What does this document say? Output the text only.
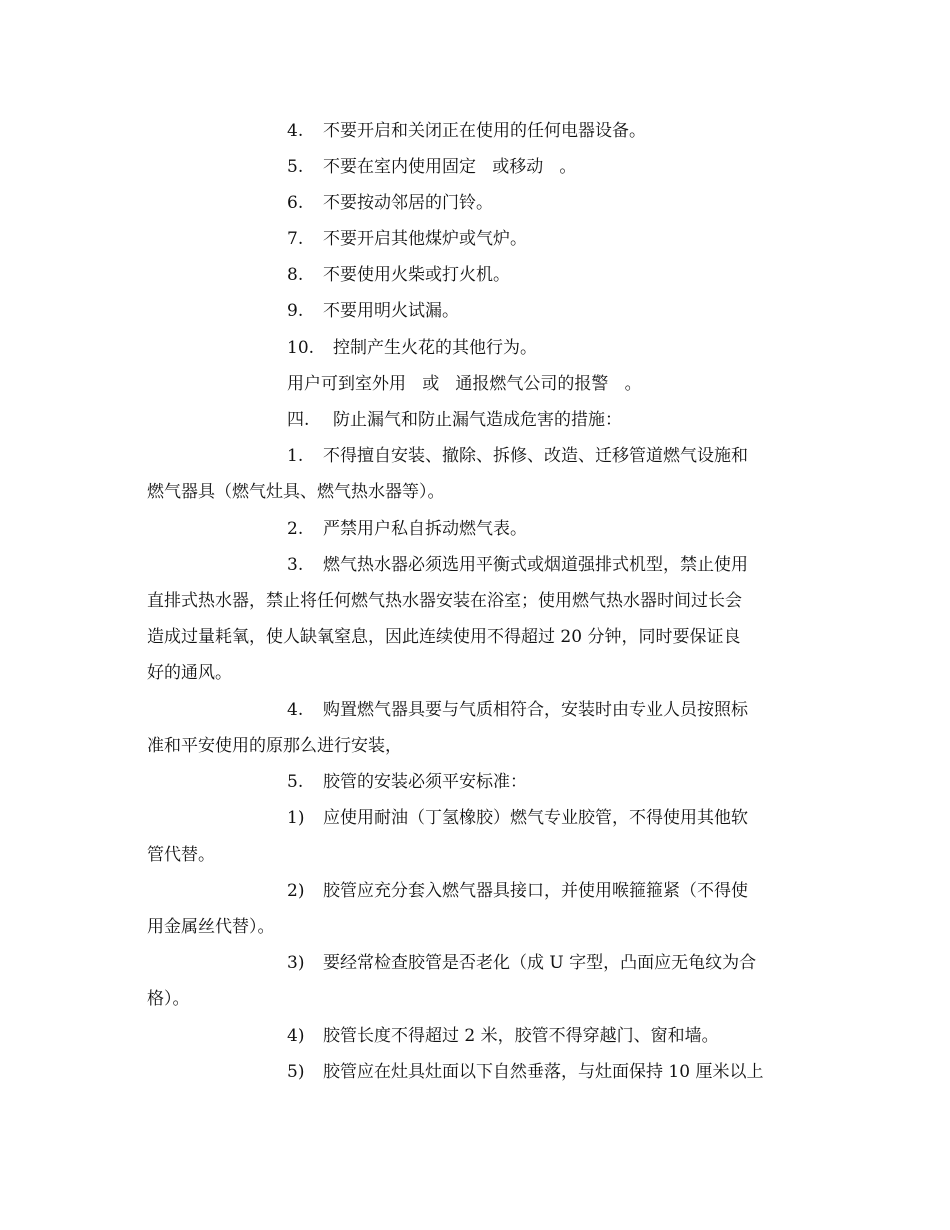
4. 不要开启和关闭正在使用的任何电器设备。
5. 不要在室内使用固定   或移动   。
6. 不要按动邻居的门铃。
7. 不要开启其他煤炉或气炉。
8. 不要使用火柴或打火机。
9. 不要用明火试漏。
10. 控制产生火花的其他行为。
用户可到室外用   或   通报燃气公司的报警   。
四. 防止漏气和防止漏气造成危害的措施：
1. 不得擅自安装、撤除、拆修、改造、迁移管道燃气设施和
燃气器具（燃气灶具、燃气热水器等）。
2. 严禁用户私自拆动燃气表。
3. 燃气热水器必须选用平衡式或烟道强排式机型，禁止使用
直排式热水器，禁止将任何燃气热水器安装在浴室；使用燃气热水器时间过长会
造成过量耗氧，使人缺氧窒息，因此连续使用不得超过 20 分钟，同时要保证良
好的通风。
4. 购置燃气器具要与气质相符合，安装时由专业人员按照标
准和平安使用的原那么进行安装，
5. 胶管的安装必须平安标准：
1) 应使用耐油（丁氢橡胶）燃气专业胶管，不得使用其他软
管代替。
2) 胶管应充分套入燃气器具接口，并使用喉箍箍紧（不得使
用金属丝代替）。
3) 要经常检查胶管是否老化（成 U 字型，凸面应无龟纹为合
格）。
4) 胶管长度不得超过 2 米，胶管不得穿越门、窗和墙。
5) 胶管应在灶具灶面以下自然垂落，与灶面保持 10 厘米以上
